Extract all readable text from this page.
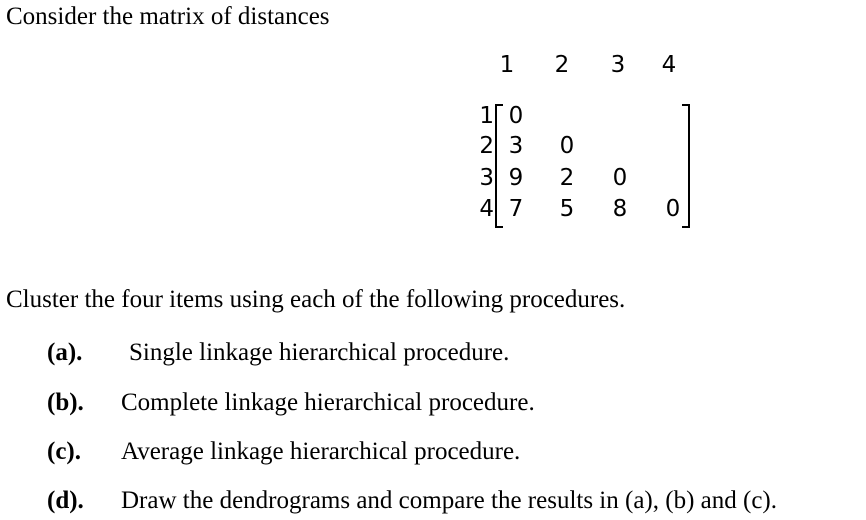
Consider the matrix of distances
1 2 3 4
1
2
3
4
0
3 0
9 2 0
7 5 8 0
Cluster the four items using each of the following procedures.
(a). Single linkage hierarchical procedure.
(b). Complete linkage hierarchical procedure.
(c). Average linkage hierarchical procedure.
(d). Draw the dendrograms and compare the results in (a), (b) and (c).
